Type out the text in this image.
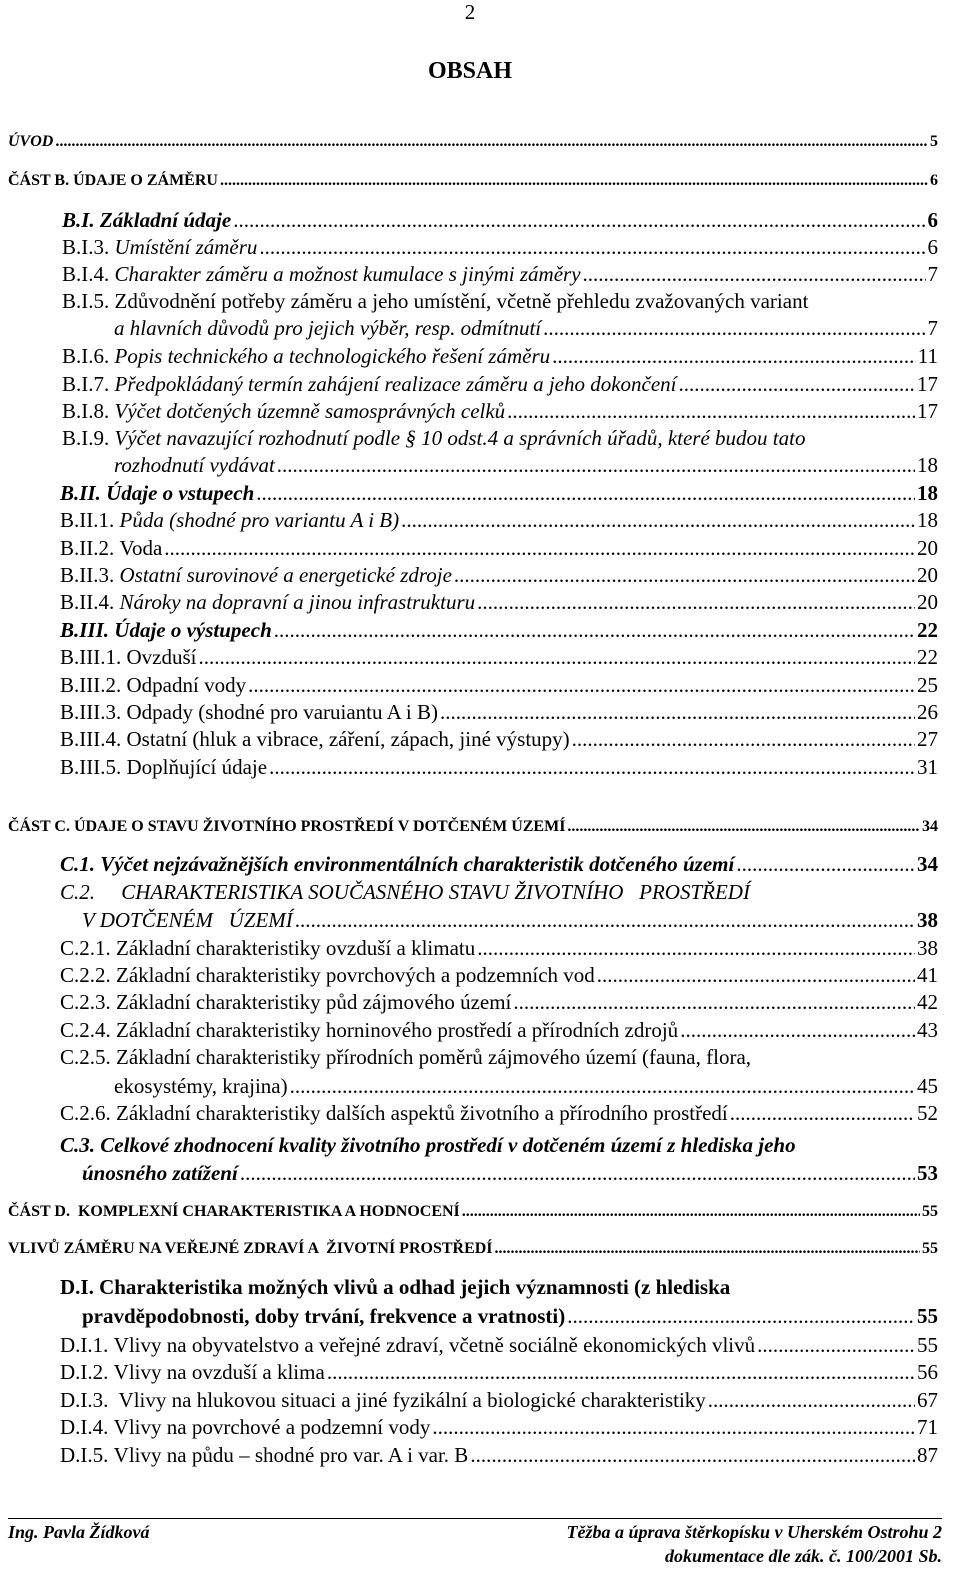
2
OBSAH
ÚVOD .....	5
ČÁST B. ÚDAJE O ZÁMĚRU .....	6
B.I. Základní údaje .....	6
B.I.3.
Umístění záměru .....	6
B.I.4.
Charakter záměru a možnost kumulace s jinými záměry .....	7
B.I.5. Zdůvodnění potřeby záměru a jeho umístění, včetně přehledu zvažovaných variant
a hlavních důvodů pro jejich výběr, resp. odmítnutí .....	7
B.I.6.
Popis technického a technologického řešení záměru .....	11
B.I.7.
Předpokládaný termín zahájení realizace záměru a jeho dokončení .....	17
B.I.8.
Výčet dotčených územně samosprávných celků .....	17
B.I.9. Výčet navazující rozhodnutí podle § 10 odst.4 a správních úřadů, které budou tato
rozhodnutí vydávat .....	18
B.II. Údaje o vstupech .....	18
B.II.1.
Půda (shodné pro variantu A i B) .....	18
B.II.2.
Voda .....	20
B.II.3.
Ostatní surovinové a energetické zdroje .....	20
B.II.4.
Nároky na dopravní a jinou infrastrukturu .....	20
B.III. Údaje o výstupech .....	22
B.III.1.
Ovzduší .....	22
B.III.2.
Odpadní vody .....	25
B.III.3.
Odpady (shodné pro varuiantu A i B) .....	26
B.III.4.
Ostatní (hluk a vibrace, záření, zápach, jiné výstupy) .....	27
B.III.5.
Doplňující údaje .....	31
ČÁST C. ÚDAJE O STAVU ŽIVOTNÍHO PROSTŘEDÍ V DOTČENÉM ÚZEMÍ .....	34
C.1. Výčet nejzávažnějších environmentálních charakteristik dotčeného území .....	34
C.2.     CHARAKTERISTIKA SOUČASNÉHO STAVU ŽIVOTNÍHO   PROSTŘEDÍ
V DOTČENÉM   ÚZEMÍ .....	38
C.2.1.
Základní charakteristiky ovzduší a klimatu .....	38
C.2.2.
Základní charakteristiky povrchových a podzemních vod .....	41
C.2.3.
Základní charakteristiky půd zájmového území .....	42
C.2.4.
Základní charakteristiky horninového prostředí a přírodních zdrojů .....	43
C.2.5. Základní charakteristiky přírodních poměrů zájmového území (fauna, flora,
ekosystémy, krajina) .....	45
C.2.6.
Základní charakteristiky dalších aspektů životního a přírodního prostředí .....	52
C.3. Celkové zhodnocení kvality životního prostředí v dotčeném území z hlediska jeho
únosného zatížení .....	53
ČÁST D.  KOMPLEXNÍ CHARAKTERISTIKA A HODNOCENÍ .....	55
VLIVŮ ZÁMĚRU NA VEŘEJNÉ ZDRAVÍ A  ŽIVOTNÍ PROSTŘEDÍ .....	55
D.I. Charakteristika možných vlivů a odhad jejich významnosti (z hlediska
pravděpodobnosti, doby trvání, frekvence a vratnosti) .....	55
D.I.1.
Vlivy na obyvatelstvo a veřejné zdraví, včetně sociálně ekonomických vlivů .....	55
D.I.2.
Vlivy na ovzduší a klima .....	56
D.I.3.
Vlivy na hlukovou situaci a jiné fyzikální a biologické charakteristiky .....	67
D.I.4.
Vlivy na povrchové a podzemní vody .....	71
D.I.5.
Vlivy na půdu – shodné pro var. A i var. B .....	87
Ing. Pavla Žídková	Těžba a úprava štěrkopísku v Uherském Ostrohu 2
dokumentace dle zák. č. 100/2001 Sb.
